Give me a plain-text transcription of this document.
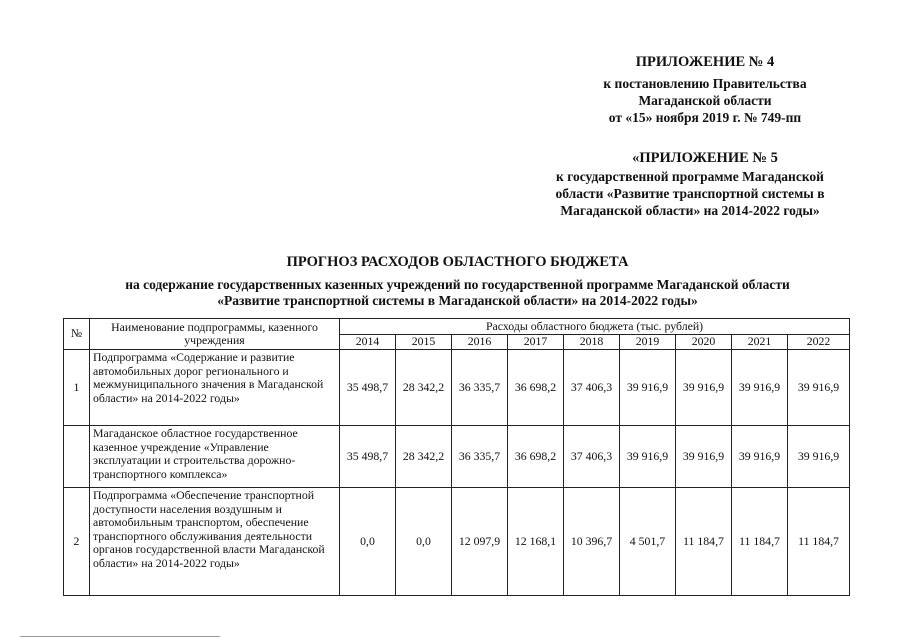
ПРИЛОЖЕНИЕ № 4
к постановлению Правительства
Магаданской области
от «15» ноября 2019 г. № 749-пп
«ПРИЛОЖЕНИЕ № 5
к государственной программе Магаданской
области «Развитие транспортной системы в
Магаданской области» на 2014-2022 годы»
ПРОГНОЗ РАСХОДОВ ОБЛАСТНОГО БЮДЖЕТА
на содержание государственных казенных учреждений по государственной программе Магаданской области
«Развитие транспортной системы в Магаданской области» на 2014-2022 годы»
№	Наименование подпрограммы, казенного учреждения	Расходы областного бюджета (тыс. рублей)								
		2014	2015	2016	2017	2018	2019	2020	2021	2022
1	Подпрограмма «Содержание и развитие автомобильных дорог регионального и межмуниципального значения в Магаданской области» на 2014-2022 годы»	35 498,7	28 342,2	36 335,7	36 698,2	37 406,3	39 916,9	39 916,9	39 916,9	39 916,9
	Магаданское областное государственное казенное учреждение «Управление эксплуатации и строительства дорожно-транспортного комплекса»	35 498,7	28 342,2	36 335,7	36 698,2	37 406,3	39 916,9	39 916,9	39 916,9	39 916,9
2	Подпрограмма «Обеспечение транспортной доступности населения воздушным и автомобильным транспортом, обеспечение транспортного обслуживания деятельности органов государственной власти Магаданской области» на 2014-2022 годы»	0,0	0,0	12 097,9	12 168,1	10 396,7	4 501,7	11 184,7	11 184,7	11 184,7
